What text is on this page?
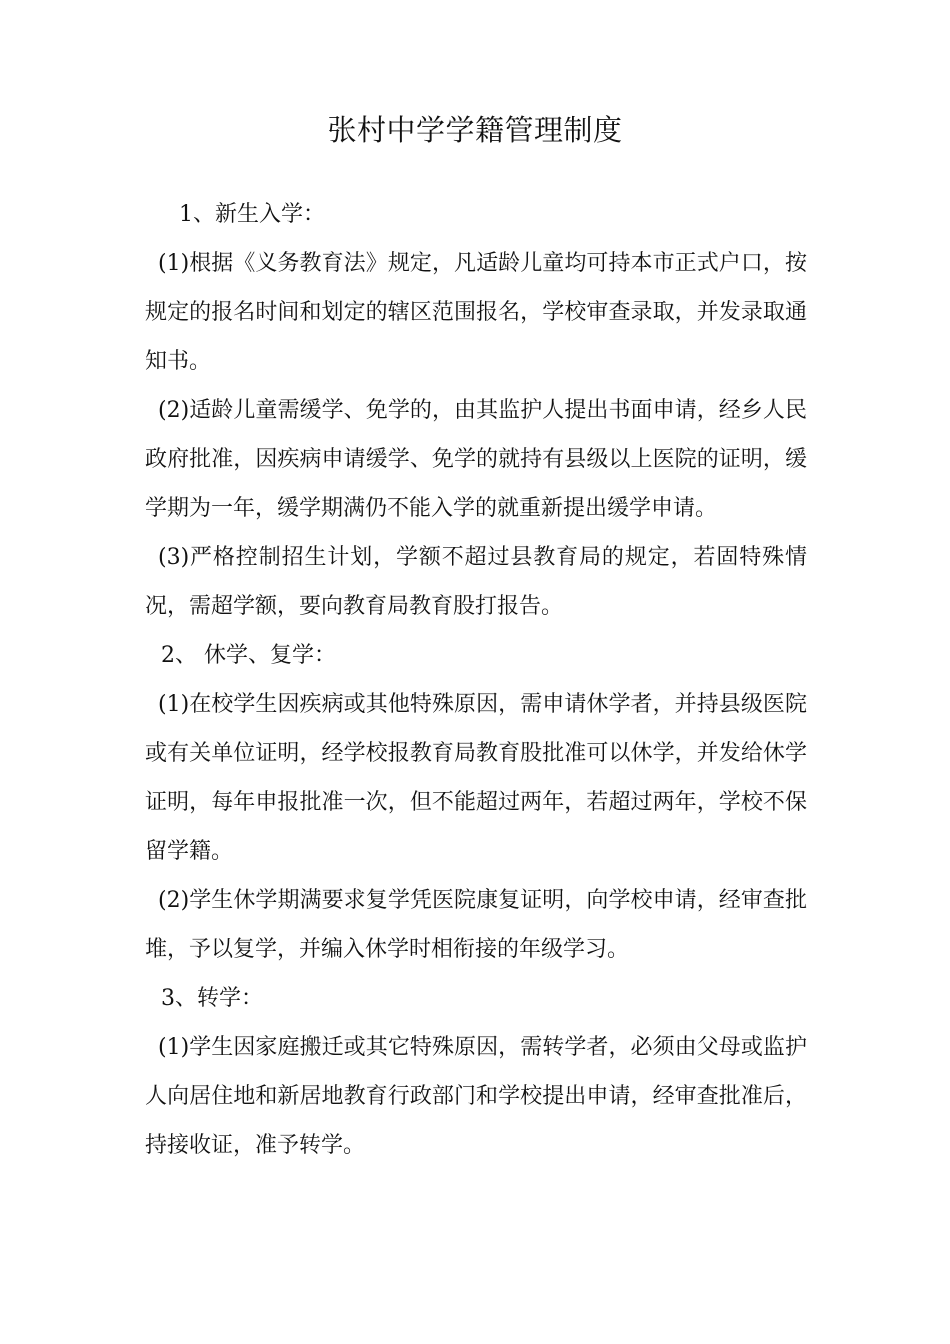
张村中学学籍管理制度

1、新生入学：

(1)根据《义务教育法》规定，凡适龄儿童均可持本市正式户口，按规定的报名时间和划定的辖区范围报名，学校审查录取，并发录取通知书。

(2)适龄儿童需缓学、免学的，由其监护人提出书面申请，经乡人民政府批准，因疾病申请缓学、免学的就持有县级以上医院的证明，缓学期为一年，缓学期满仍不能入学的就重新提出缓学申请。

(3)严格控制招生计划，学额不超过县教育局的规定，若固特殊情况，需超学额，要向教育局教育股打报告。

2、 休学、复学：

(1)在校学生因疾病或其他特殊原因，需申请休学者，并持县级医院或有关单位证明，经学校报教育局教育股批准可以休学，并发给休学证明，每年申报批准一次，但不能超过两年，若超过两年，学校不保留学籍。

(2)学生休学期满要求复学凭医院康复证明，向学校申请，经审查批堆，予以复学，并编入休学时相衔接的年级学习。

3、转学：

(1)学生因家庭搬迁或其它特殊原因，需转学者，必须由父母或监护人向居住地和新居地教育行政部门和学校提出申请，经审查批准后，持接收证，准予转学。
